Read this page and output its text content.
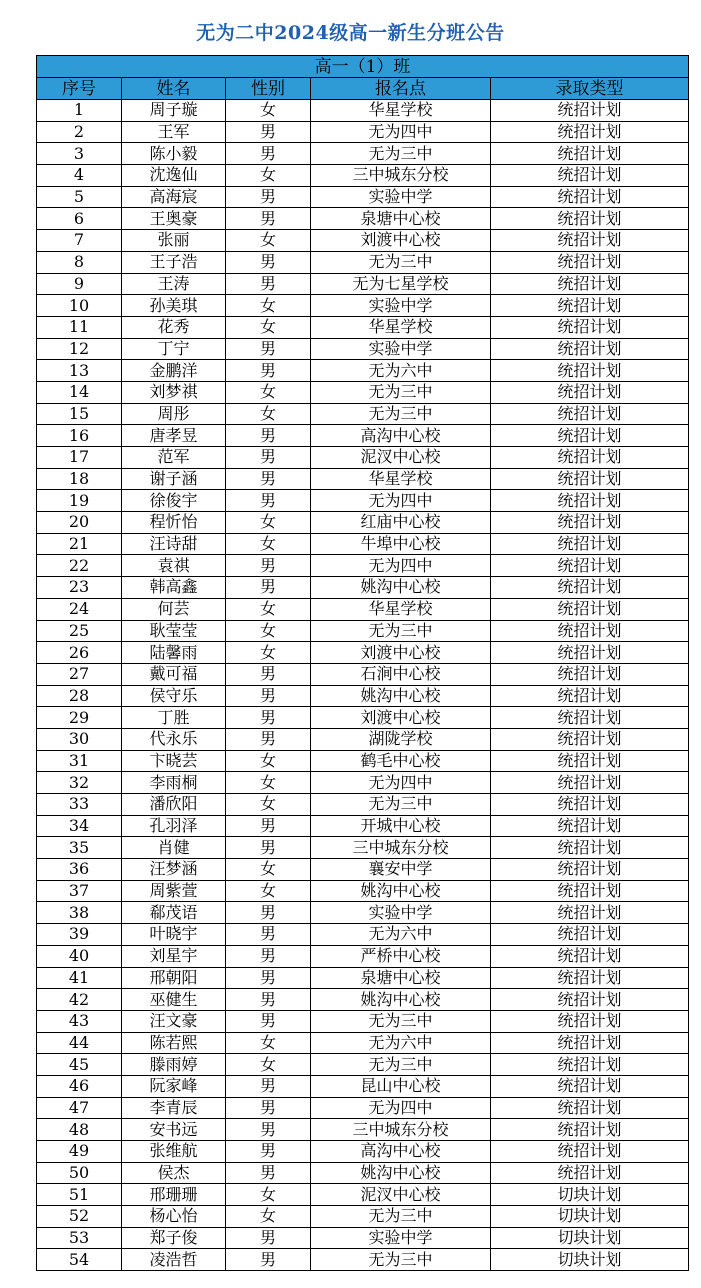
无为二中2024级高一新生分班公告
高一（1）班				
序号	姓名	性别	报名点	录取类型
1	周子璇	女	华星学校	统招计划
2	王军	男	无为四中	统招计划
3	陈小毅	男	无为三中	统招计划
4	沈逸仙	女	三中城东分校	统招计划
5	高海宸	男	实验中学	统招计划
6	王奥豪	男	泉塘中心校	统招计划
7	张丽	女	刘渡中心校	统招计划
8	王子浩	男	无为三中	统招计划
9	王涛	男	无为七星学校	统招计划
10	孙美琪	女	实验中学	统招计划
11	花秀	女	华星学校	统招计划
12	丁宁	男	实验中学	统招计划
13	金鹏洋	男	无为六中	统招计划
14	刘梦祺	女	无为三中	统招计划
15	周彤	女	无为三中	统招计划
16	唐孝昱	男	高沟中心校	统招计划
17	范军	男	泥汊中心校	统招计划
18	谢子涵	男	华星学校	统招计划
19	徐俊宇	男	无为四中	统招计划
20	程忻怡	女	红庙中心校	统招计划
21	汪诗甜	女	牛埠中心校	统招计划
22	袁祺	男	无为四中	统招计划
23	韩高鑫	男	姚沟中心校	统招计划
24	何芸	女	华星学校	统招计划
25	耿莹莹	女	无为三中	统招计划
26	陆馨雨	女	刘渡中心校	统招计划
27	戴可福	男	石涧中心校	统招计划
28	侯守乐	男	姚沟中心校	统招计划
29	丁胜	男	刘渡中心校	统招计划
30	代永乐	男	湖陇学校	统招计划
31	卞晓芸	女	鹤毛中心校	统招计划
32	李雨桐	女	无为四中	统招计划
33	潘欣阳	女	无为三中	统招计划
34	孔羽泽	男	开城中心校	统招计划
35	肖健	男	三中城东分校	统招计划
36	汪梦涵	女	襄安中学	统招计划
37	周紫萱	女	姚沟中心校	统招计划
38	郗茂语	男	实验中学	统招计划
39	叶晓宇	男	无为六中	统招计划
40	刘星宇	男	严桥中心校	统招计划
41	邢朝阳	男	泉塘中心校	统招计划
42	巫健生	男	姚沟中心校	统招计划
43	汪文豪	男	无为三中	统招计划
44	陈若熙	女	无为六中	统招计划
45	滕雨婷	女	无为三中	统招计划
46	阮家峰	男	昆山中心校	统招计划
47	李青辰	男	无为四中	统招计划
48	安书远	男	三中城东分校	统招计划
49	张维航	男	高沟中心校	统招计划
50	侯杰	男	姚沟中心校	统招计划
51	邢珊珊	女	泥汊中心校	切块计划
52	杨心怡	女	无为三中	切块计划
53	郑子俊	男	实验中学	切块计划
54	凌浩哲	男	无为三中	切块计划
